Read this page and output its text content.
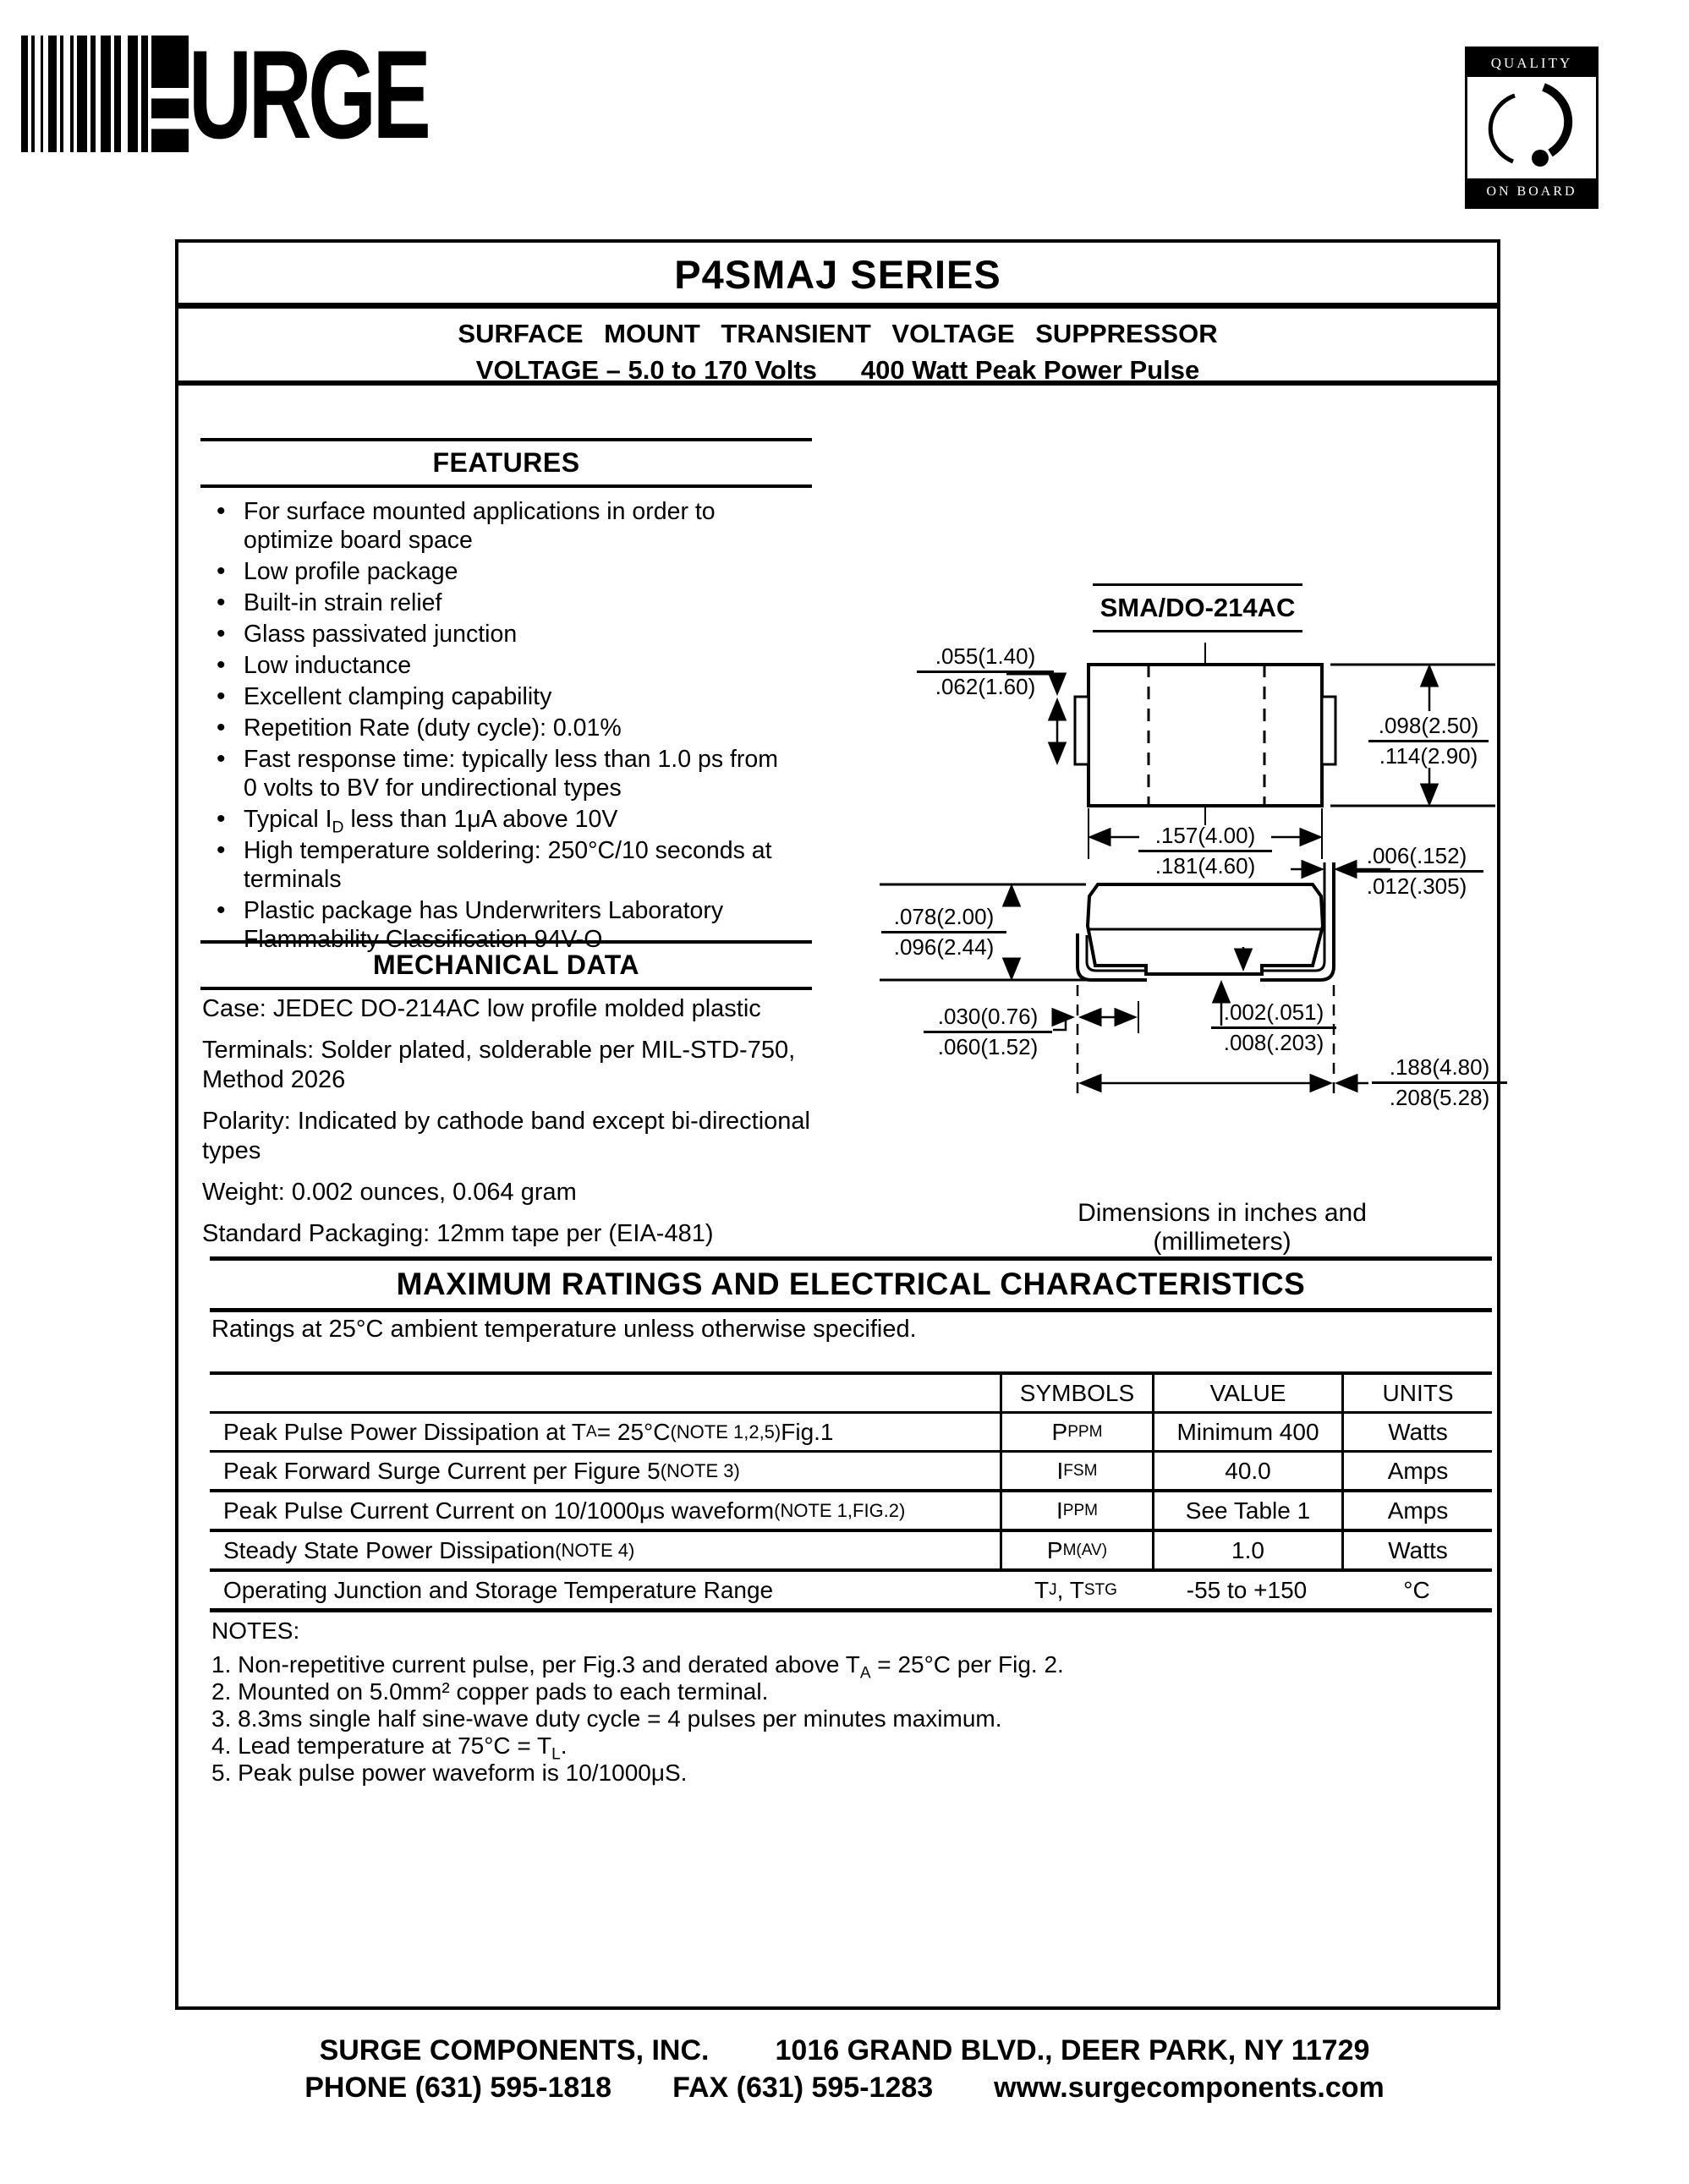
URGE	QUALITY
ON BOARD
P4SMAJ SERIES
SURFACE MOUNT TRANSIENT VOLTAGE SUPPRESSOR
VOLTAGE – 5.0 to 170 Volts 400 Watt Peak Power Pulse
FEATURES
• For surface mounted applications in order to optimize board space
• Low profile package
• Built-in strain relief
• Glass passivated junction
• Low inductance
• Excellent clamping capability
• Repetition Rate (duty cycle): 0.01%
• Fast response time: typically less than 1.0 ps from 0 volts to BV for undirectional types
• Typical $I_D$ less than 1μA above 10V
• High temperature soldering: 250°C/10 seconds at terminals
• Plastic package has Underwriters Laboratory Flammability Classification 94V-O
MECHANICAL DATA

Case: JEDEC DO-214AC low profile molded plastic

Terminals: Solder plated, solderable per MIL-STD-750, Method 2026

Polarity: Indicated by cathode band except bi-directional types

Weight: 0.002 ounces, 0.064 gram

Standard Packaging: 12mm tape per (EIA-481)

SMA/DO-214AC
.055(1.40)
.062(1.60)
.098(2.50)
.114(2.90)
.157(4.00)
.181(4.60)	.006(.152)
.012(.305)
.078(2.00)
.096(2.44)
.030(0.76)
.060(1.52)
.002(.051)
.008(.203)
.188(4.80)
.208(5.28)
Dimensions in inches and (millimeters)
MAXIMUM RATINGS AND ELECTRICAL CHARACTERISTICS
Ratings at 25°C ambient temperature unless otherwise specified.
SYMBOLS	VALUE	UNITS
Peak Pulse Power Dissipation at T A = 25°C (NOTE 1,2,5) Fig.1	P PPM	Minimum 400	Watts
Peak Forward Surge Current per Figure 5 (NOTE 3)	I FSM	40.0	Amps
Peak Pulse Current Current on 10/1000μs waveform (NOTE 1,FIG.2)	I PPM	See Table 1	Amps
Steady State Power Dissipation (NOTE 4)	P M(AV)	1.0	Watts
Operating Junction and Storage Temperature Range	T J , T STG	-55 to +150	°C
NOTES:
1. Non-repetitive current pulse, per Fig.3 and derated above $T_A = 25^\circ C$ per Fig. 2.
2. Mounted on 5.0mm² copper pads to each terminal.
3. 8.3ms single half sine-wave duty cycle = 4 pulses per minutes maximum.
4. Lead temperature at $75^\circ C = T_L$.
5. Peak pulse power waveform is 10/1000μS.
SURGE COMPONENTS, INC. 1016 GRAND BLVD., DEER PARK, NY 11729
PHONE (631) 595-1818 FAX (631) 595-1283 www.surgecomponents.com
